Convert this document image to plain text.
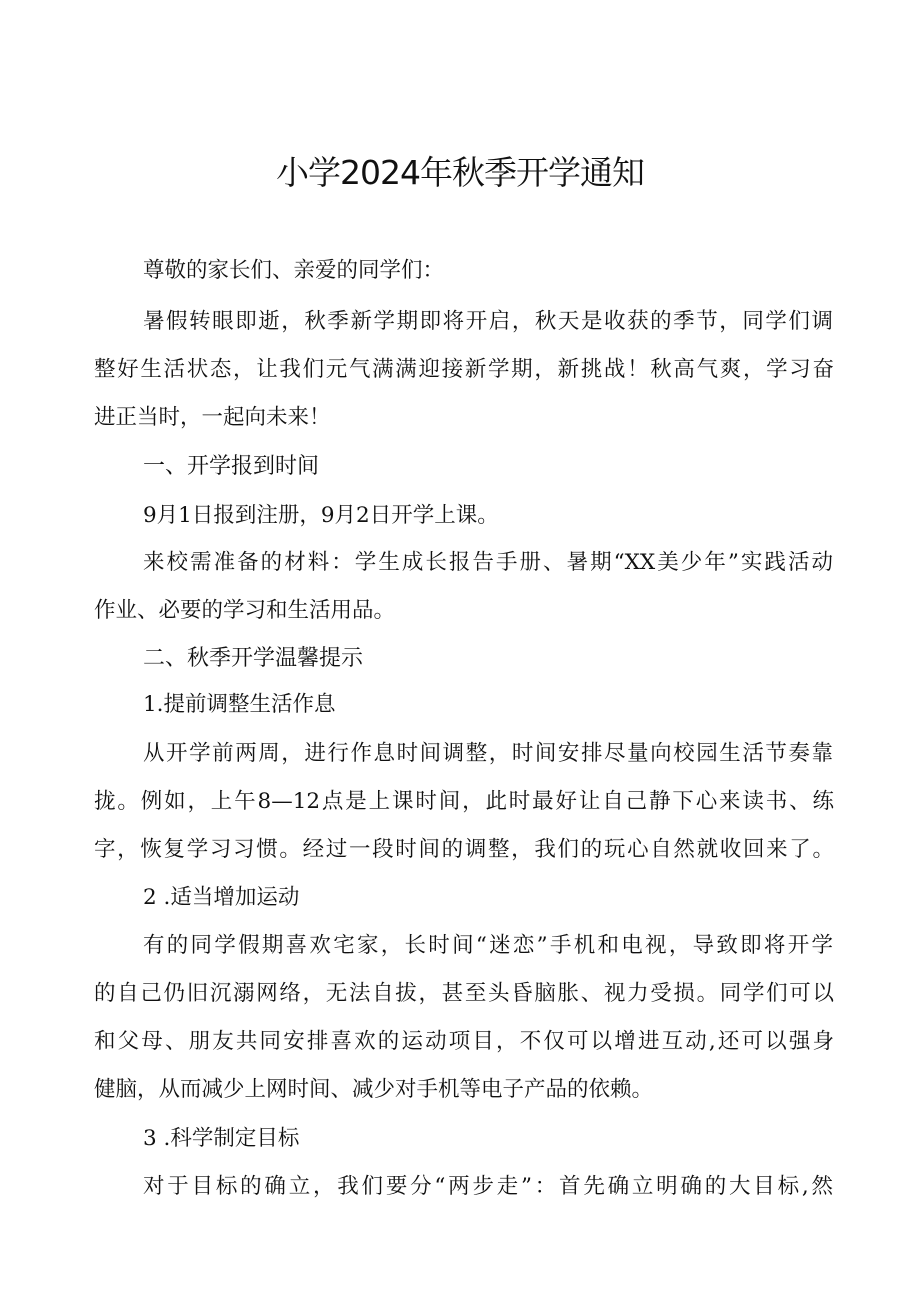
小学2024年秋季开学通知

尊敬的家长们、亲爱的同学们：

暑假转眼即逝，秋季新学期即将开启，秋天是收获的季节，同学们调

整好生活状态，让我们元气满满迎接新学期，新挑战！秋高气爽，学习奋

进正当时，一起向未来！

一、开学报到时间

9月1日报到注册，9月2日开学上课。

来校需准备的材料：学生成长报告手册、暑期“XX美少年”实践活动

作业、必要的学习和生活用品。

二、秋季开学温馨提示

1.提前调整生活作息

从开学前两周，进行作息时间调整，时间安排尽量向校园生活节奏靠

拢。例如，上午8—12点是上课时间，此时最好让自己静下心来读书、练

字，恢复学习习惯。经过一段时间的调整，我们的玩心自然就收回来了。

2 .适当增加运动

有的同学假期喜欢宅家，长时间“迷恋”手机和电视，导致即将开学

的自己仍旧沉溺网络，无法自拔，甚至头昏脑胀、视力受损。同学们可以

和父母、朋友共同安排喜欢的运动项目，不仅可以增进互动,还可以强身

健脑，从而减少上网时间、减少对手机等电子产品的依赖。

3 .科学制定目标

对于目标的确立，我们要分“两步走”：首先确立明确的大目标,然
